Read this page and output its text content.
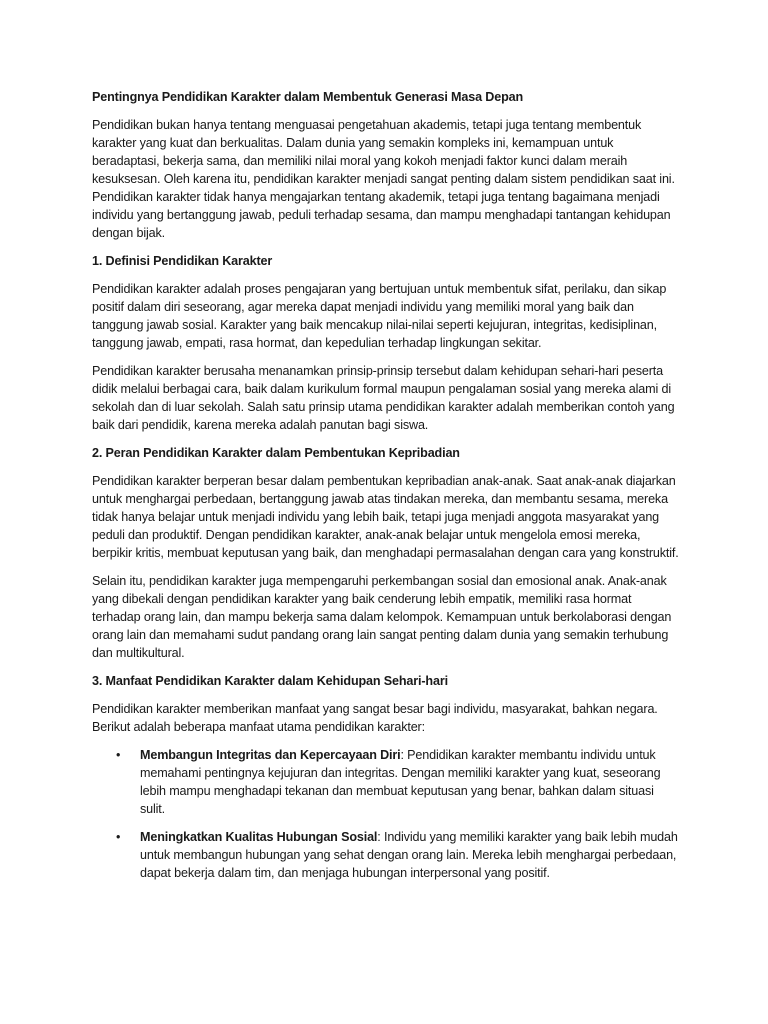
Pentingnya Pendidikan Karakter dalam Membentuk Generasi Masa Depan

Pendidikan bukan hanya tentang menguasai pengetahuan akademis, tetapi juga tentang membentuk karakter yang kuat dan berkualitas. Dalam dunia yang semakin kompleks ini, kemampuan untuk beradaptasi, bekerja sama, dan memiliki nilai moral yang kokoh menjadi faktor kunci dalam meraih kesuksesan. Oleh karena itu, pendidikan karakter menjadi sangat penting dalam sistem pendidikan saat ini. Pendidikan karakter tidak hanya mengajarkan tentang akademik, tetapi juga tentang bagaimana menjadi individu yang bertanggung jawab, peduli terhadap sesama, dan mampu menghadapi tantangan kehidupan dengan bijak.

1. Definisi Pendidikan Karakter

Pendidikan karakter adalah proses pengajaran yang bertujuan untuk membentuk sifat, perilaku, dan sikap positif dalam diri seseorang, agar mereka dapat menjadi individu yang memiliki moral yang baik dan tanggung jawab sosial. Karakter yang baik mencakup nilai-nilai seperti kejujuran, integritas, kedisiplinan, tanggung jawab, empati, rasa hormat, dan kepedulian terhadap lingkungan sekitar.

Pendidikan karakter berusaha menanamkan prinsip-prinsip tersebut dalam kehidupan sehari-hari peserta didik melalui berbagai cara, baik dalam kurikulum formal maupun pengalaman sosial yang mereka alami di sekolah dan di luar sekolah. Salah satu prinsip utama pendidikan karakter adalah memberikan contoh yang baik dari pendidik, karena mereka adalah panutan bagi siswa.

2. Peran Pendidikan Karakter dalam Pembentukan Kepribadian

Pendidikan karakter berperan besar dalam pembentukan kepribadian anak-anak. Saat anak-anak diajarkan untuk menghargai perbedaan, bertanggung jawab atas tindakan mereka, dan membantu sesama, mereka tidak hanya belajar untuk menjadi individu yang lebih baik, tetapi juga menjadi anggota masyarakat yang peduli dan produktif. Dengan pendidikan karakter, anak-anak belajar untuk mengelola emosi mereka, berpikir kritis, membuat keputusan yang baik, dan menghadapi permasalahan dengan cara yang konstruktif.

Selain itu, pendidikan karakter juga mempengaruhi perkembangan sosial dan emosional anak. Anak-anak yang dibekali dengan pendidikan karakter yang baik cenderung lebih empatik, memiliki rasa hormat terhadap orang lain, dan mampu bekerja sama dalam kelompok. Kemampuan untuk berkolaborasi dengan orang lain dan memahami sudut pandang orang lain sangat penting dalam dunia yang semakin terhubung dan multikultural.

3. Manfaat Pendidikan Karakter dalam Kehidupan Sehari-hari

Pendidikan karakter memberikan manfaat yang sangat besar bagi individu, masyarakat, bahkan negara. Berikut adalah beberapa manfaat utama pendidikan karakter:

• Membangun Integritas dan Kepercayaan Diri: Pendidikan karakter membantu individu untuk memahami pentingnya kejujuran dan integritas. Dengan memiliki karakter yang kuat, seseorang lebih mampu menghadapi tekanan dan membuat keputusan yang benar, bahkan dalam situasi sulit.
• Meningkatkan Kualitas Hubungan Sosial: Individu yang memiliki karakter yang baik lebih mudah untuk membangun hubungan yang sehat dengan orang lain. Mereka lebih menghargai perbedaan, dapat bekerja dalam tim, dan menjaga hubungan interpersonal yang positif.
